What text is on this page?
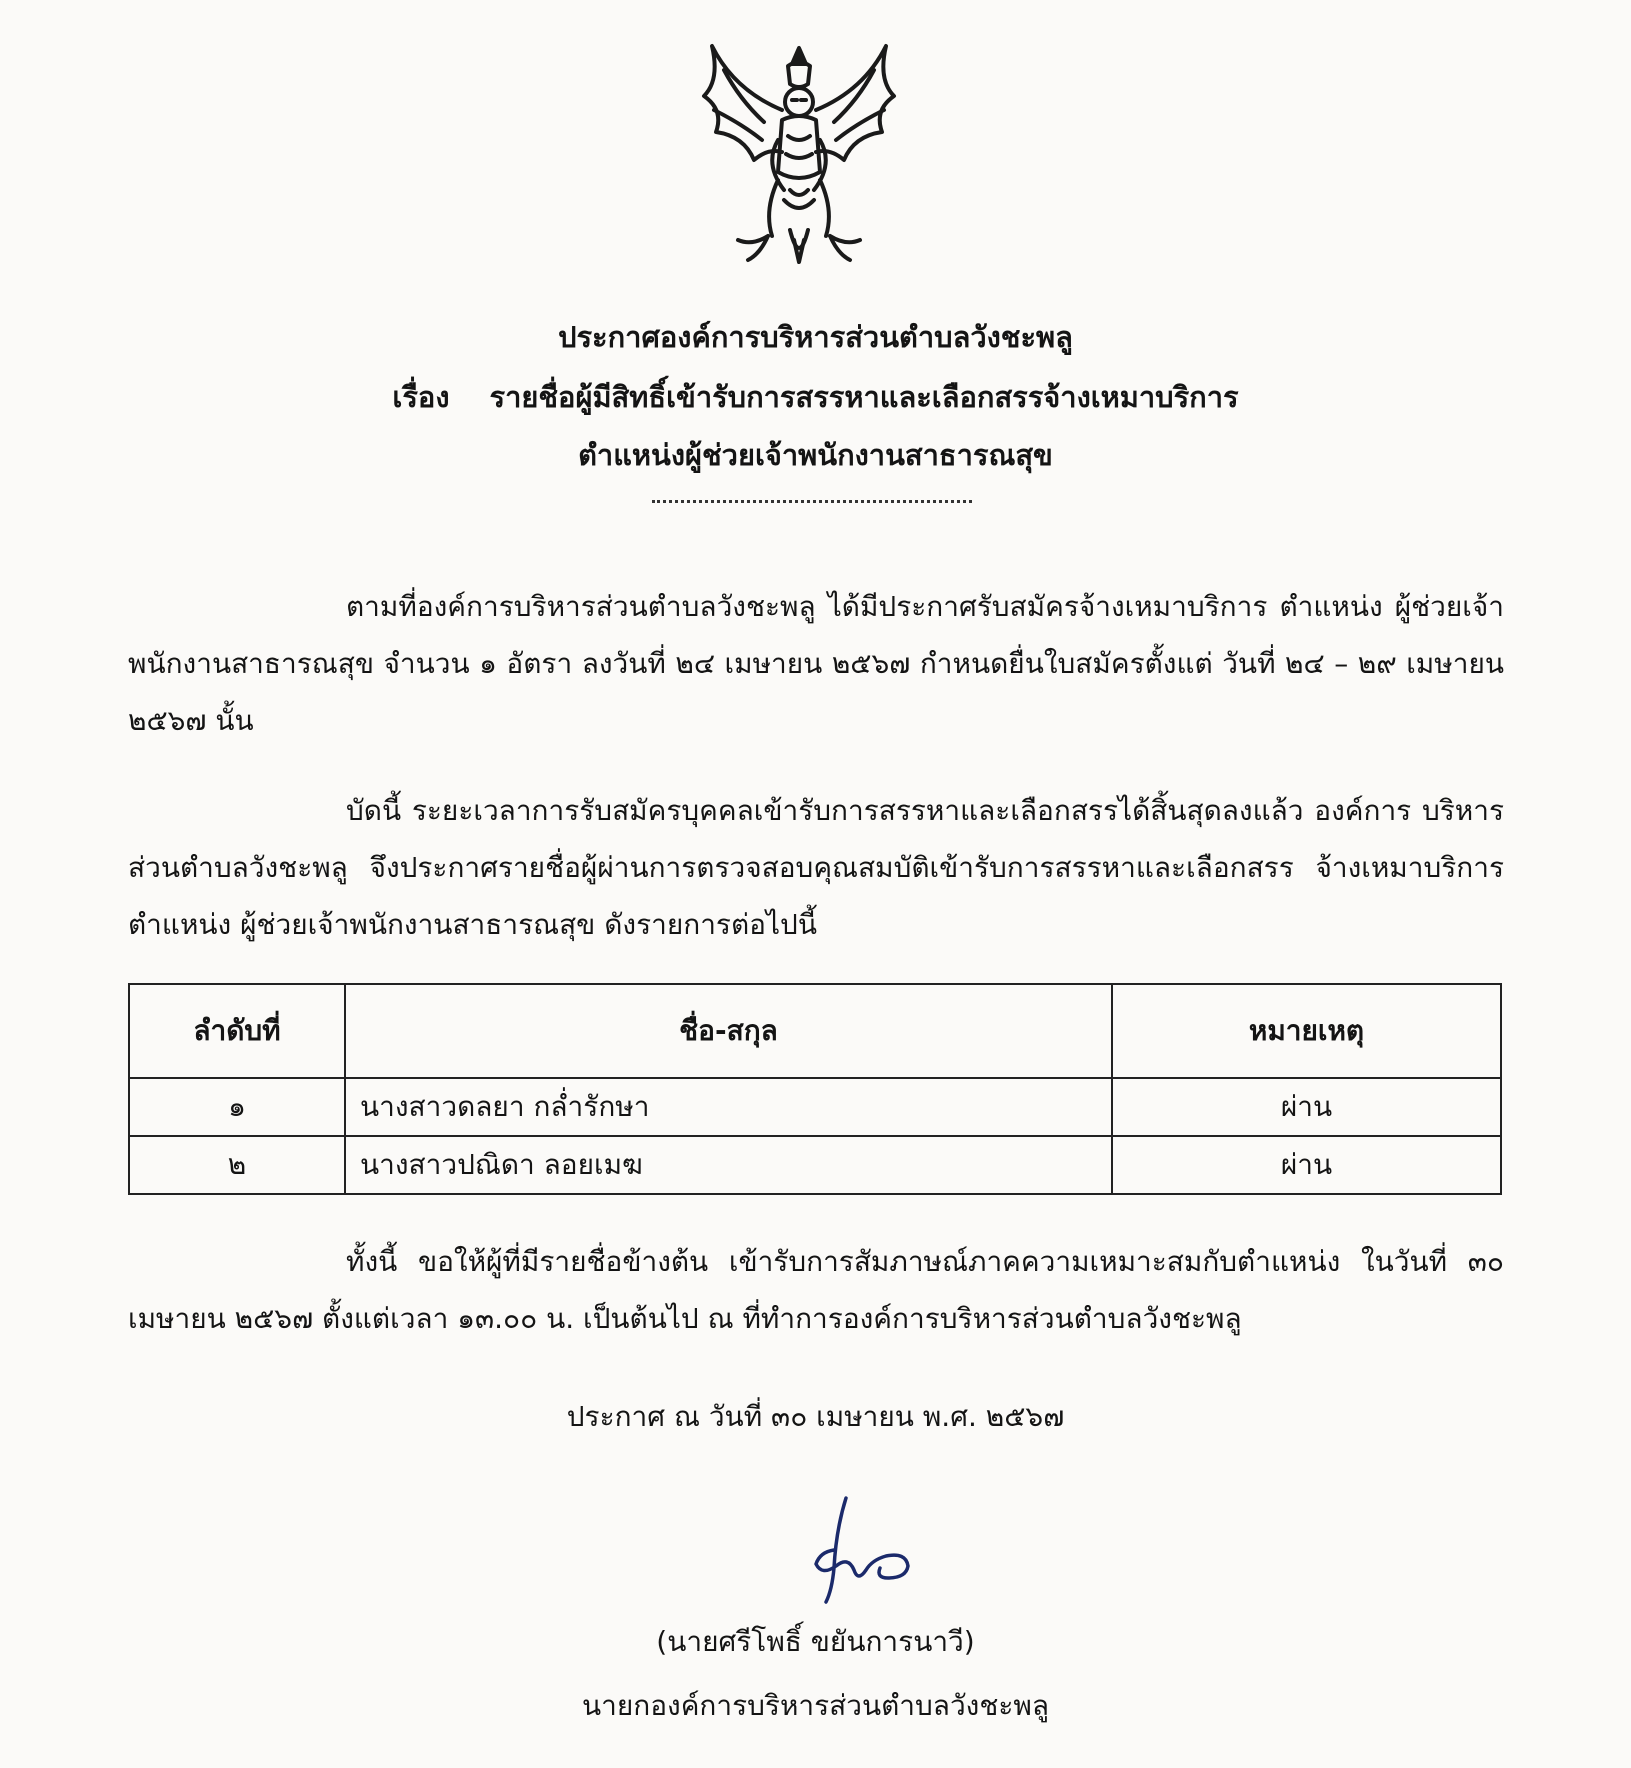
ประกาศองค์การบริหารส่วนตำบลวังชะพลู
เรื่อง รายชื่อผู้มีสิทธิ์เข้ารับการสรรหาและเลือกสรรจ้างเหมาบริการ
ตำแหน่งผู้ช่วยเจ้าพนักงานสาธารณสุข
ตามที่องค์การบริหารส่วนตำบลวังชะพลู ได้มีประกาศรับสมัครจ้างเหมาบริการ ตำแหน่ง ผู้ช่วยเจ้าพนักงานสาธารณสุข จำนวน ๑ อัตรา ลงวันที่ ๒๔ เมษายน ๒๕๖๗ กำหนดยื่นใบสมัครตั้งแต่ วันที่ ๒๔ – ๒๙ เมษายน ๒๕๖๗ นั้น
บัดนี้ ระยะเวลาการรับสมัครบุคคลเข้ารับการสรรหาและเลือกสรรได้สิ้นสุดลงแล้ว องค์การ บริหารส่วนตำบลวังชะพลู จึงประกาศรายชื่อผู้ผ่านการตรวจสอบคุณสมบัติเข้ารับการสรรหาและเลือกสรร จ้างเหมาบริการ ตำแหน่ง ผู้ช่วยเจ้าพนักงานสาธารณสุข ดังรายการต่อไปนี้
ลำดับที่	ชื่อ-สกุล	หมายเหตุ
๑	นางสาวดลยา กล่ำรักษา	ผ่าน
๒	นางสาวปณิดา ลอยเมฆ	ผ่าน
ทั้งนี้ ขอให้ผู้ที่มีรายชื่อข้างต้น เข้ารับการสัมภาษณ์ภาคความเหมาะสมกับตำแหน่ง ในวันที่ ๓๐ เมษายน ๒๕๖๗ ตั้งแต่เวลา ๑๓.๐๐ น. เป็นต้นไป ณ ที่ทำการองค์การบริหารส่วนตำบลวังชะพลู
ประกาศ ณ วันที่ ๓๐ เมษายน พ.ศ. ๒๕๖๗
(นายศรีโพธิ์ ขยันการนาวี)
นายกองค์การบริหารส่วนตำบลวังชะพลู
